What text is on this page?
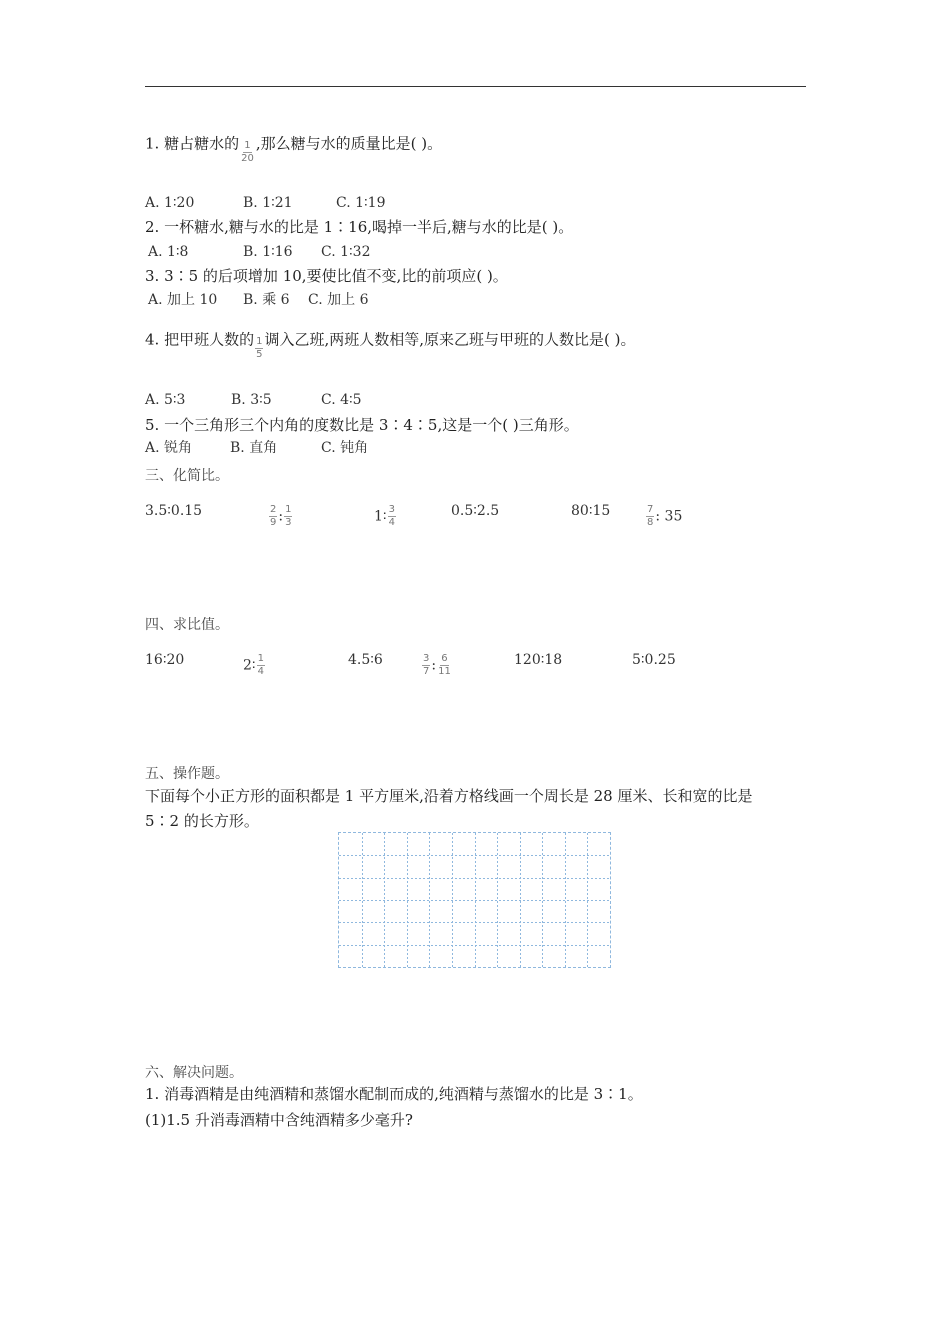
1. 糖占糖水的 $\frac{1}{20}$ ,那么糖与水的质量比是( )。
A. 1∶20	B. 1∶21	C. 1∶19
2. 一杯糖水,糖与水的比是 1∶16,喝掉一半后,糖与水的比是( )。
A. 1∶8	B. 1∶16 C. 1∶32
3. 3∶5 的后项增加 10,要使比值不变,比的前项应( )。
A. 加上 10 B. 乘 6 C. 加上 6
4. 把甲班人数的 $\frac{1}{5}$ 调入乙班,两班人数相等,原来乙班与甲班的人数比是( )。
A. 5∶3	B. 3∶5	C. 4∶5
5. 一个三角形三个内角的度数比是 3∶4∶5,这是一个( )三角形。
A. 锐角	B. 直角	C. 钝角
三、化简比。
3.5∶0.15	$\frac{2}{9}$ : $\frac{1}{3}$	1∶ $\frac{3}{4}$	0.5∶2.5	80∶15	$\frac{7}{8}$ : 35
四、求比值。
16∶20	2∶ $\frac{1}{4}$	4.5∶6	$\frac{3}{7}$ : $\frac{6}{11}$	120∶18	5∶0.25
五、操作题。
下面每个小正方形的面积都是 1 平方厘米,沿着方格线画一个周长是 28 厘米、长和宽的比是
5∶2 的长方形。
六、解决问题。
1. 消毒酒精是由纯酒精和蒸馏水配制而成的,纯酒精与蒸馏水的比是 3∶1。
(1)1.5 升消毒酒精中含纯酒精多少毫升?
